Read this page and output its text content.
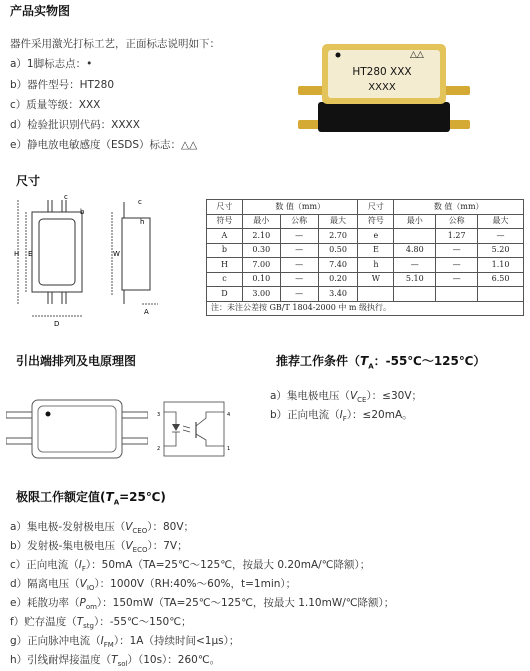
产品实物图
器件采用激光打标工艺，正面标志说明如下：
a）1脚标志点：•
b）器件型号：HT280
c）质量等级：XXX
d）检验批识别代码：XXXX
e）静电放电敏感度（ESDS）标志：△△
△△
HT280 XXX
XXXX
尺寸
H E
c
b
D
W
c
h
A
尺寸	数 值（mm）			尺寸	数 值（mm）		
符号	最小	公称	最大	符号	最小	公称	最大
A	2.10	—	2.70	e		1.27	—
b	0.30	—	0.50	E	4.80	—	5.20
H	7.00	—	7.40	h	—	—	1.10
c	0.10	—	0.20	W	5.10	—	6.50
D	3.00	—	3.40				
注：未注公差按 GB/T 1804-2000 中 m 级执行。							
引出端排列及电原理图
3
2
4
1
推荐工作条件（$T_A$：-55℃～125℃）
a）集电极电压$(V_{CE})$：≤30V；
b）正向电流$(I_F)$：≤20mA。
极限工作额定值$(T_A=25℃)$
a）集电极-发射极电压$(V_{CEO})$：80V；
b）发射极-集电极电压$(V_{ECO})$：7V；
c）正向电流$(I_F)$：50mA（TA=25℃～125℃，按最大 0.20mA/℃降额）；
d）隔离电压$(V_{IO})$：1000V（RH:40%～60%，t=1min）；
e）耗散功率$(P_{om})$：150mW（TA=25℃～125℃，按最大 1.10mW/℃降额）；
f）贮存温度$(T_{stg})$：-55℃～150℃；
g）正向脉冲电流$(I_{FM})$：1A（持续时间<1μs）；
h）引线耐焊接温度$(T_{sol})(10s)$：260℃。
